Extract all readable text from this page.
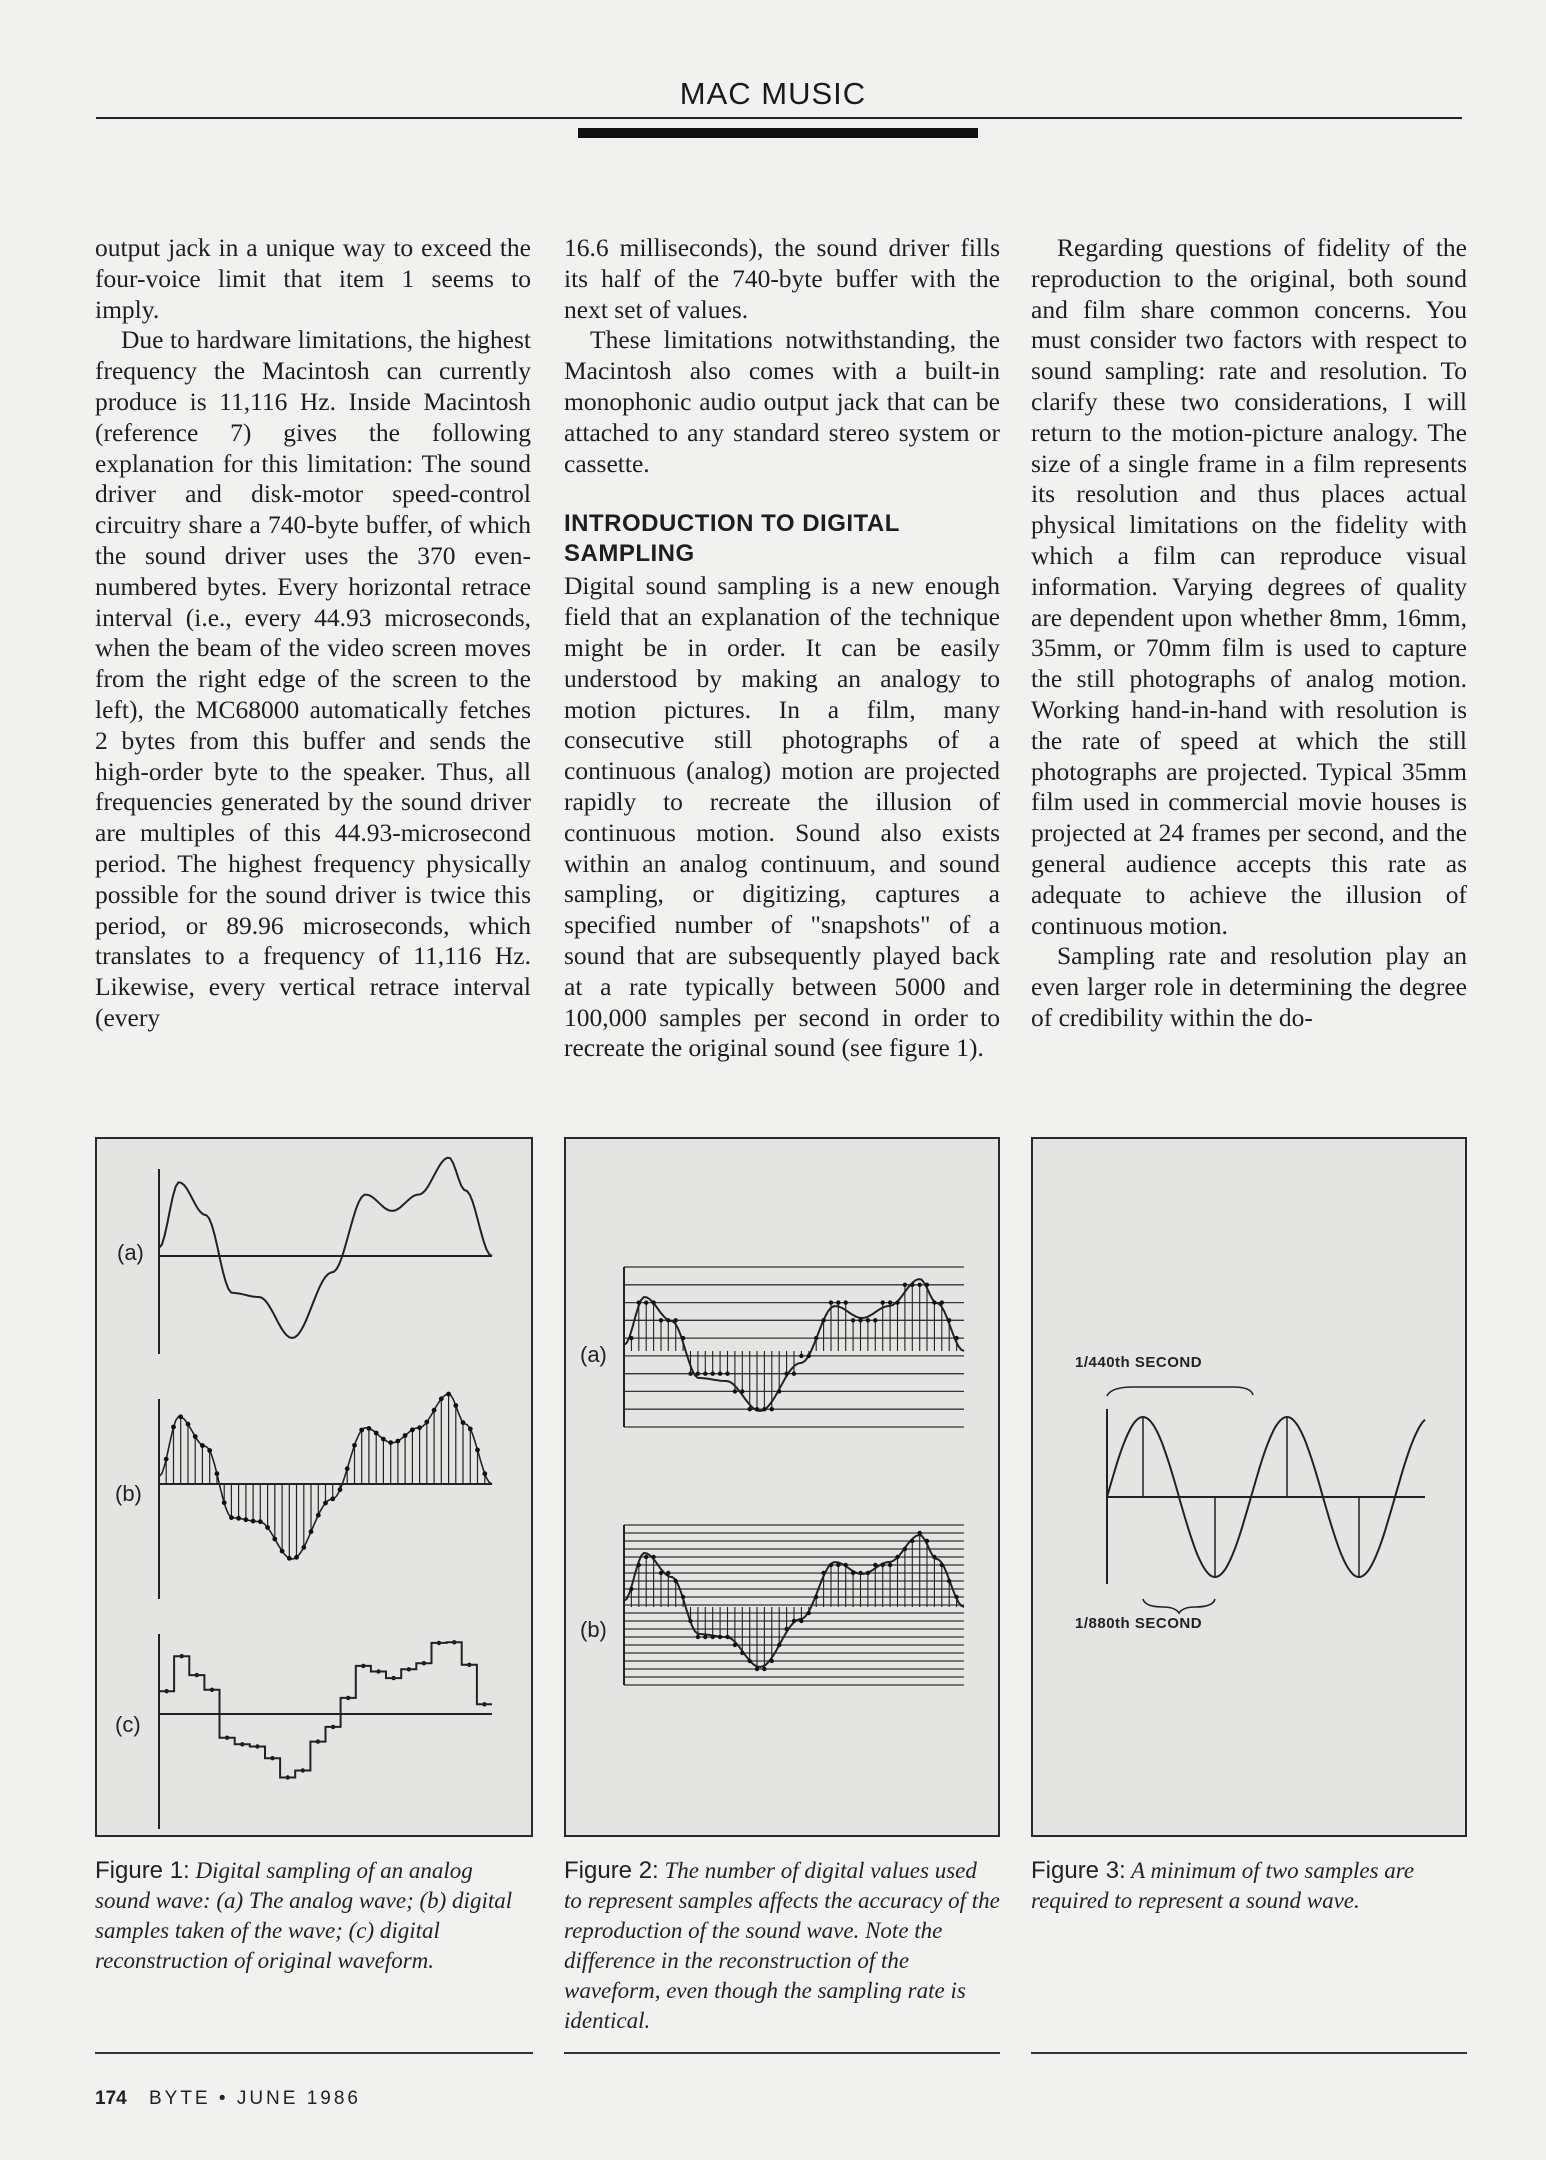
MAC MUSIC

output jack in a unique way to exceed the four-voice limit that item 1 seems to imply.

Due to hardware limitations, the highest frequency the Macintosh can currently produce is 11,116 Hz. Inside Macintosh (reference 7) gives the following explanation for this limitation: The sound driver and disk-motor speed-control circuitry share a 740-byte buffer, of which the sound driver uses the 370 even-numbered bytes. Every horizontal retrace interval (i.e., every 44.93 microseconds, when the beam of the video screen moves from the right edge of the screen to the left), the MC68000 automatically fetches 2 bytes from this buffer and sends the high-order byte to the speaker. Thus, all frequencies generated by the sound driver are multiples of this 44.93-microsecond period. The highest frequency physically possible for the sound driver is twice this period, or 89.96 microseconds, which translates to a frequency of 11,116 Hz. Likewise, every vertical retrace interval (every

16.6 milliseconds), the sound driver fills its half of the 740-byte buffer with the next set of values.

These limitations notwithstanding, the Macintosh also comes with a built-in monophonic audio output jack that can be attached to any standard stereo system or cassette.

INTRODUCTION TO DIGITAL SAMPLING

Digital sound sampling is a new enough field that an explanation of the technique might be in order. It can be easily understood by making an analogy to motion pictures. In a film, many consecutive still photographs of a continuous (analog) motion are projected rapidly to recreate the illusion of continuous motion. Sound also exists within an analog continuum, and sound sampling, or digitizing, captures a specified number of "snapshots" of a sound that are subsequently played back at a rate typically between 5000 and 100,000 samples per second in order to recreate the original sound (see figure 1).

Regarding questions of fidelity of the reproduction to the original, both sound and film share common concerns. You must consider two factors with respect to sound sampling: rate and resolution. To clarify these two considerations, I will return to the motion-picture analogy. The size of a single frame in a film represents its resolution and thus places actual physical limitations on the fidelity with which a film can reproduce visual information. Varying degrees of quality are dependent upon whether 8mm, 16mm, 35mm, or 70mm film is used to capture the still photographs of analog motion. Working hand-in-hand with resolution is the rate of speed at which the still photographs are projected. Typical 35mm film used in commercial movie houses is projected at 24 frames per second, and the general audience accepts this rate as adequate to achieve the illusion of continuous motion.

Sampling rate and resolution play an even larger role in determining the degree of credibility within the do-

(a)
(b)
(c)
(a)
(b)
1/440th SECOND
1/880th SECOND
Figure 1: Digital sampling of an analog sound wave: (a) The analog wave; (b) digital samples taken of the wave; (c) digital reconstruction of original waveform.
Figure 2: The number of digital values used to represent samples affects the accuracy of the reproduction of the sound wave. Note the difference in the reconstruction of the waveform, even though the sampling rate is identical.
Figure 3: A minimum of two samples are required to represent a sound wave.
174 BYTE • JUNE 1986
